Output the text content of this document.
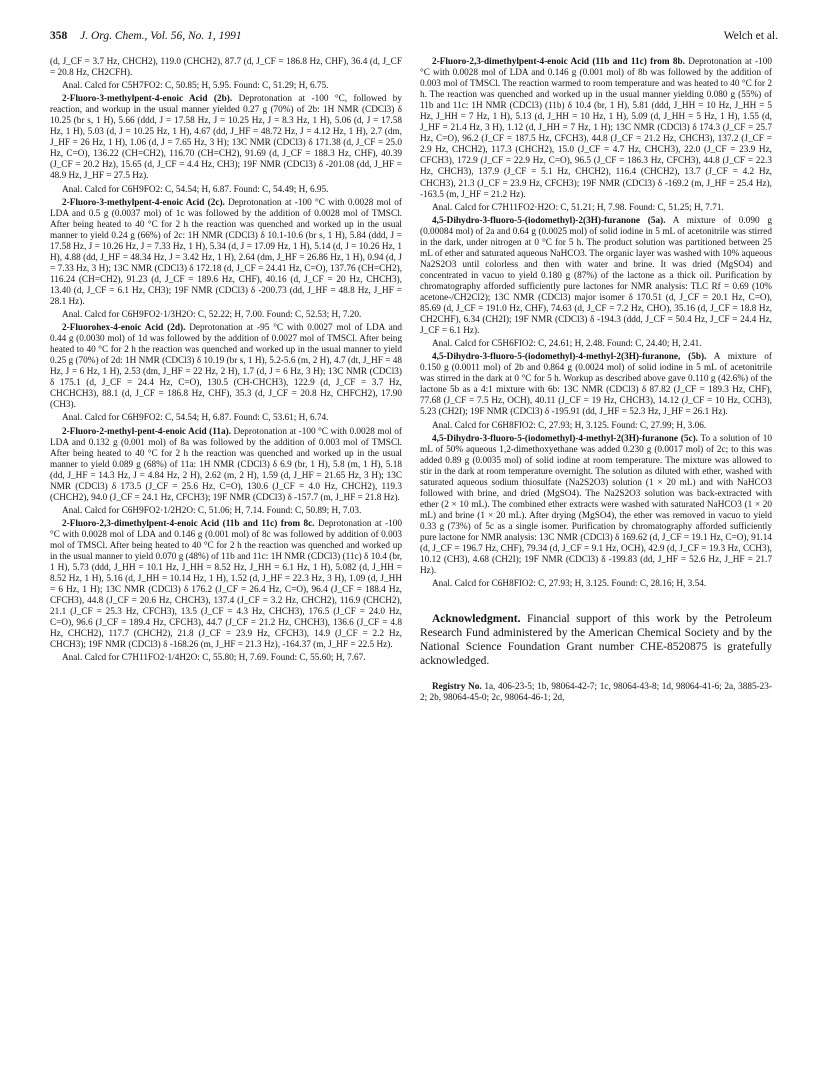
358 J. Org. Chem., Vol. 56, No. 1, 1991	Welch et al.
(d, J_CF = 3.7 Hz, CHCH2), 119.0 (CHCH2), 87.7 (d, J_CF = 186.8 Hz, CHF), 36.4 (d, J_CF = 20.8 Hz, CH2CFH).
Anal. Calcd for C5H7FO2: C, 50.85; H, 5.95. Found: C, 51.29; H, 6.75.
2-Fluoro-3-methylpent-4-enoic Acid (2b). Deprotonation at -100 °C, followed by reaction, and workup in the usual manner yielded 0.27 g (70%) of 2b: 1H NMR (CDCl3) δ 10.25 (br s, 1 H), 5.66 (ddd, J = 17.58 Hz, J = 10.25 Hz, J = 8.3 Hz, 1 H), 5.06 (d, J = 17.58 Hz, 1 H), 5.03 (d, J = 10.25 Hz, 1 H), 4.67 (dd, J_HF = 48.72 Hz, J = 4.12 Hz, 1 H), 2.7 (dm, J_HF = 26 Hz, 1 H), 1.06 (d, J = 7.65 Hz, 3 H); 13C NMR (CDCl3) δ 171.38 (d, J_CF = 25.0 Hz, C=O), 136.22 (CH=CH2), 116.70 (CH=CH2), 91.69 (d, J_CF = 188.3 Hz, CHF), 40.39 (J_CF = 20.2 Hz), 15.65 (d, J_CF = 4.4 Hz, CH3); 19F NMR (CDCl3) δ -201.08 (dd, J_HF = 48.9 Hz, J_HF = 27.5 Hz).
Anal. Calcd for C6H9FO2: C, 54.54; H, 6.87. Found: C, 54.49; H, 6.95.
2-Fluoro-3-methylpent-4-enoic Acid (2c). Deprotonation at -100 °C with 0.0028 mol of LDA and 0.5 g (0.0037 mol) of 1c was followed by the addition of 0.0028 mol of TMSCl. After being heated to 40 °C for 2 h the reaction was quenched and worked up in the usual manner to yield 0.24 g (66%) of 2c: 1H NMR (CDCl3) δ 10.1-10.6 (br s, 1 H), 5.84 (ddd, J = 17.58 Hz, J = 10.26 Hz, J = 7.33 Hz, 1 H), 5.34 (d, J = 17.09 Hz, 1 H), 5.14 (d, J = 10.26 Hz, 1 H), 4.88 (dd, J_HF = 48.34 Hz, J = 3.42 Hz, 1 H), 2.64 (dm, J_HF = 26.86 Hz, 1 H), 0.94 (d, J = 7.33 Hz, 3 H); 13C NMR (CDCl3) δ 172.18 (d, J_CF = 24.41 Hz, C=O), 137.76 (CH=CH2), 116.24 (CH=CH2), 91.23 (d, J_CF = 189.6 Hz, CHF), 40.16 (d, J_CF = 20 Hz, CHCH3), 13.40 (d, J_CF = 6.1 Hz, CH3); 19F NMR (CDCl3) δ -200.73 (dd, J_HF = 48.8 Hz, J_HF = 28.1 Hz).
Anal. Calcd for C6H9FO2·1/3H2O: C, 52.22; H, 7.00. Found: C, 52.53; H, 7.20.
2-Fluorohex-4-enoic Acid (2d). Deprotonation at -95 °C with 0.0027 mol of LDA and 0.44 g (0.0030 mol) of 1d was followed by the addition of 0.0027 mol of TMSCl. After being heated to 40 °C for 2 h the reaction was quenched and worked up in the usual manner to yield 0.25 g (70%) of 2d: 1H NMR (CDCl3) δ 10.19 (br s, 1 H), 5.2-5.6 (m, 2 H), 4.7 (dt, J_HF = 48 Hz, J = 6 Hz, 1 H), 2.53 (dm, J_HF = 22 Hz, 2 H), 1.7 (d, J = 6 Hz, 3 H); 13C NMR (CDCl3) δ 175.1 (d, J_CF = 24.4 Hz, C=O), 130.5 (CH-CHCH3), 122.9 (d, J_CF = 3.7 Hz, CHCHCH3), 88.1 (d, J_CF = 186.8 Hz, CHF), 35.3 (d, J_CF = 20.8 Hz, CHFCH2), 17.90 (CH3).
Anal. Calcd for C6H9FO2: C, 54.54; H, 6.87. Found: C, 53.61; H, 6.74.
2-Fluoro-2-methyl-pent-4-enoic Acid (11a). Deprotonation at -100 °C with 0.0028 mol of LDA and 0.132 g (0.001 mol) of 8a was followed by the addition of 0.003 mol of TMSCl. After being heated to 40 °C for 2 h the reaction was quenched and worked up in the usual manner to yield 0.089 g (68%) of 11a: 1H NMR (CDCl3) δ 6.9 (br, 1 H), 5.8 (m, 1 H), 5.18 (dd, J_HF = 14.3 Hz, J = 4.84 Hz, 2 H), 2.62 (m, 2 H), 1.59 (d, J_HF = 21.65 Hz, 3 H); 13C NMR (CDCl3) δ 173.5 (J_CF = 25.6 Hz, C=O), 130.6 (J_CF = 4.0 Hz, CHCH2), 119.3 (CHCH2), 94.0 (J_CF = 24.1 Hz, CFCH3); 19F NMR (CDCl3) δ -157.7 (m, J_HF = 21.8 Hz).
Anal. Calcd for C6H9FO2·1/2H2O: C, 51.06; H, 7.14. Found: C, 50.89; H, 7.03.
2-Fluoro-2,3-dimethylpent-4-enoic Acid (11b and 11c) from 8c. Deprotonation at -100 °C with 0.0028 mol of LDA and 0.146 g (0.001 mol) of 8c was followed by addition of 0.003 mol of TMSCl. After being heated to 40 °C for 2 h the reaction was quenched and worked up in the usual manner to yield 0.070 g (48%) of 11b and 11c: 1H NMR (CDCl3) (11c) δ 10.4 (br, 1 H), 5.73 (ddd, J_HH = 10.1 Hz, J_HH = 8.52 Hz, J_HH = 6.1 Hz, 1 H), 5.082 (d, J_HH = 8.52 Hz, 1 H), 5.16 (d, J_HH = 10.14 Hz, 1 H), 1.52 (d, J_HF = 22.3 Hz, 3 H), 1.09 (d, J_HH = 6 Hz, 1 H); 13C NMR (CDCl3) δ 176.2 (J_CF = 26.4 Hz, C=O), 96.4 (J_CF = 188.4 Hz, CFCH3), 44.8 (J_CF = 20.6 Hz, CHCH3), 137.4 (J_CF = 3.2 Hz, CHCH2), 116.9 (CHCH2), 21.1 (J_CF = 25.3 Hz, CFCH3), 13.5 (J_CF = 4.3 Hz, CHCH3), 176.5 (J_CF = 24.0 Hz, C=O), 96.6 (J_CF = 189.4 Hz, CFCH3), 44.7 (J_CF = 21.2 Hz, CHCH3), 136.6 (J_CF = 4.8 Hz, CHCH2), 117.7 (CHCH2), 21.8 (J_CF = 23.9 Hz, CFCH3), 14.9 (J_CF = 2.2 Hz, CHCH3); 19F NMR (CDCl3) δ -168.26 (m, J_HF = 21.3 Hz), -164.37 (m, J_HF = 22.5 Hz).
Anal. Calcd for C7H11FO2·1/4H2O: C, 55.80; H, 7.69. Found: C, 55.60; H, 7.67.
2-Fluoro-2,3-dimethylpent-4-enoic Acid (11b and 11c) from 8b. Deprotonation at -100 °C with 0.0028 mol of LDA and 0.146 g (0.001 mol) of 8b was followed by the addition of 0.003 mol of TMSCl. The reaction warmed to room temperature and was heated to 40 °C for 2 h. The reaction was quenched and worked up in the usual manner yielding 0.080 g (55%) of 11b and 11c: 1H NMR (CDCl3) (11b) δ 10.4 (br, 1 H), 5.81 (ddd, J_HH = 10 Hz, J_HH = 5 Hz, J_HH = 7 Hz, 1 H), 5.13 (d, J_HH = 10 Hz, 1 H), 5.09 (d, J_HH = 5 Hz, 1 H), 1.55 (d, J_HF = 21.4 Hz, 3 H), 1.12 (d, J_HH = 7 Hz, 1 H); 13C NMR (CDCl3) δ 174.3 (J_CF = 25.7 Hz, C=O), 96.2 (J_CF = 187.5 Hz, CFCH3), 44.8 (J_CF = 21.2 Hz, CHCH3), 137.2 (J_CF = 2.9 Hz, CHCH2), 117.3 (CHCH2), 15.0 (J_CF = 4.7 Hz, CHCH3), 22.0 (J_CF = 23.9 Hz, CFCH3), 172.9 (J_CF = 22.9 Hz, C=O), 96.5 (J_CF = 186.3 Hz, CFCH3), 44.8 (J_CF = 22.3 Hz, CHCH3), 137.9 (J_CF = 5.1 Hz, CHCH2), 116.4 (CHCH2), 13.7 (J_CF = 4.2 Hz, CHCH3), 21.3 (J_CF = 23.9 Hz, CFCH3); 19F NMR (CDCl3) δ -169.2 (m, J_HF = 25.4 Hz), -163.5 (m, J_HF = 21.2 Hz).
Anal. Calcd for C7H11FO2·H2O: C, 51.21; H, 7.98. Found: C, 51.25; H, 7.71.
4,5-Dihydro-3-fluoro-5-(iodomethyl)-2(3H)-furanone (5a). A mixture of 0.090 g (0.00084 mol) of 2a and 0.64 g (0.0025 mol) of solid iodine in 5 mL of acetonitrile was stirred in the dark, under nitrogen at 0 °C for 5 h. The product solution was partitioned between 25 mL of ether and saturated aqueous NaHCO3. The organic layer was washed with 10% aqueous Na2S2O3 until colorless and then with water and brine. It was dried (MgSO4) and concentrated in vacuo to yield 0.180 g (87%) of the lactone as a thick oil. Purification by chromatography afforded sufficiently pure lactones for NMR analysis: TLC Rf = 0.69 (10% acetone-/CH2Cl2); 13C NMR (CDCl3) major isomer δ 170.51 (d, J_CF = 20.1 Hz, C=O), 85.69 (d, J_CF = 191.0 Hz, CHF), 74.63 (d, J_CF = 7.2 Hz, CHO), 35.16 (d, J_CF = 18.8 Hz, CH2CHF), 6.34 (CH2I); 19F NMR (CDCl3) δ -194.3 (ddd, J_CF = 50.4 Hz, J_CF = 24.4 Hz, J_CF = 6.1 Hz).
Anal. Calcd for C5H6FIO2: C, 24.61; H, 2.48. Found: C, 24.40; H, 2.41.
4,5-Dihydro-3-fluoro-5-(iodomethyl)-4-methyl-2(3H)-furanone, (5b). A mixture of 0.150 g (0.0011 mol) of 2b and 0.864 g (0.0024 mol) of solid iodine in 5 mL of acetonitrile was stirred in the dark at 0 °C for 5 h. Workup as described above gave 0.110 g (42.6%) of the lactone 5b as a 4:1 mixture with 6b: 13C NMR (CDCl3) δ 87.82 (J_CF = 189.3 Hz, CHF), 77.68 (J_CF = 7.5 Hz, OCH), 40.11 (J_CF = 19 Hz, CHCH3), 14.12 (J_CF = 10 Hz, CCH3), 5.23 (CH2I); 19F NMR (CDCl3) δ -195.91 (dd, J_HF = 52.3 Hz, J_HF = 26.1 Hz).
Anal. Calcd for C6H8FIO2: C, 27.93; H, 3.125. Found: C, 27.99; H, 3.06.
4,5-Dihydro-3-fluoro-5-(iodomethyl)-4-methyl-2(3H)-furanone (5c). To a solution of 10 mL of 50% aqueous 1,2-dimethoxyethane was added 0.230 g (0.0017 mol) of 2c; to this was added 0.89 g (0.0035 mol) of solid iodine at room temperature. The mixture was allowed to stir in the dark at room temperature overnight. The solution as diluted with ether, washed with saturated aqueous sodium thiosulfate (Na2S2O3) solution (1 × 20 mL) and with NaHCO3 followed with brine, and dried (MgSO4). The Na2S2O3 solution was back-extracted with ether (2 × 10 mL). The combined ether extracts were washed with saturated NaHCO3 (1 × 20 mL) and brine (1 × 20 mL). After drying (MgSO4), the ether was removed in vacuo to yield 0.33 g (73%) of 5c as a single isomer. Purification by chromatography afforded sufficiently pure lactone for NMR analysis: 13C NMR (CDCl3) δ 169.62 (d, J_CF = 19.1 Hz, C=O), 91.14 (d, J_CF = 196.7 Hz, CHF), 79.34 (d, J_CF = 9.1 Hz, OCH), 42.9 (d, J_CF = 19.3 Hz, CCH3), 10.12 (CH3), 4.68 (CH2I); 19F NMR (CDCl3) δ -199.83 (dd, J_HF = 52.6 Hz, J_HF = 21.7 Hz).
Anal. Calcd for C6H8FIO2: C, 27.93; H, 3.125. Found: C, 28.16; H, 3.54.
Acknowledgment. Financial support of this work by the Petroleum Research Fund administered by the American Chemical Society and by the National Science Foundation Grant number CHE-8520875 is gratefully acknowledged.
Registry No. 1a, 406-23-5; 1b, 98064-42-7; 1c, 98064-43-8; 1d, 98064-41-6; 2a, 3885-23-2; 2b, 98064-45-0; 2c, 98064-46-1; 2d,
